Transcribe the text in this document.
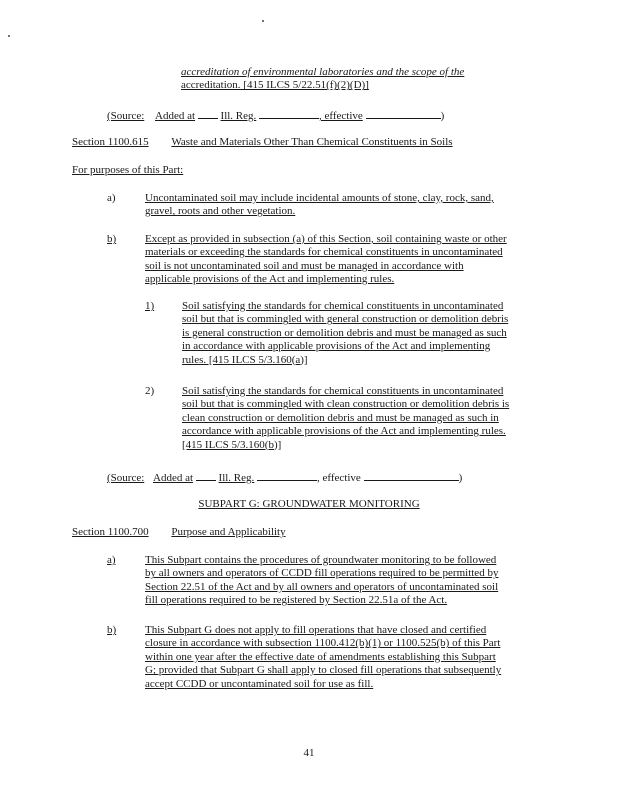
accreditation of environmental laboratories and the scope of the
accreditation. [415 ILCS 5/22.51(f)(2)(D)]
(Source: Added at Ill. Reg.	, effective	)
Section 1100.615 Waste and Materials Other Than Chemical Constituents in Soils
For purposes of this Part:
a)	Uncontaminated soil may include incidental amounts of stone, clay, rock, sand,
gravel, roots and other vegetation.
b)	Except as provided in subsection (a) of this Section, soil containing waste or other
materials or exceeding the standards for chemical constituents in uncontaminated
soil is not uncontaminated soil and must be managed in accordance with
applicable provisions of the Act and implementing rules.
1)	Soil satisfying the standards for chemical constituents in uncontaminated
soil but that is commingled with general construction or demolition debris
is general construction or demolition debris and must be managed as such
in accordance with applicable provisions of the Act and implementing
rules. [415 ILCS 5/3.160(a)]
2)	Soil satisfying the standards for chemical constituents in uncontaminated
soil but that is commingled with clean construction or demolition debris is
clean construction or demolition debris and must be managed as such in
accordance with applicable provisions of the Act and implementing rules.
[415 ILCS 5/3.160(b)]
(Source: Added at Ill. Reg.	, effective	)
SUBPART G: GROUNDWATER MONITORING
Section 1100.700 Purpose and Applicability
a)	This Subpart contains the procedures of groundwater monitoring to be followed
by all owners and operators of CCDD fill operations required to be permitted by
Section 22.51 of the Act and by all owners and operators of uncontaminated soil
fill operations required to be registered by Section 22.51a of the Act.
b)	This Subpart G does not apply to fill operations that have closed and certified
closure in accordance with subsection 1100.412(b)(1) or 1100.525(b) of this Part
within one year after the effective date of amendments establishing this Subpart
G; provided that Subpart G shall apply to closed fill operations that subsequently
accept CCDD or uncontaminated soil for use as fill.
41
